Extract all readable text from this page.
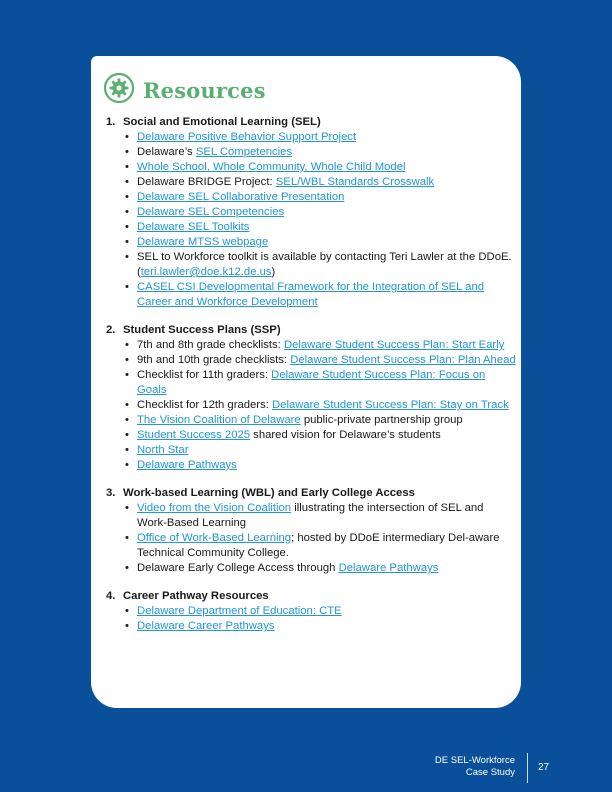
Resources
1. Social and Emotional Learning (SEL)
• Delaware Positive Behavior Support Project
• Delaware’s SEL Competencies
• Whole School, Whole Community, Whole Child Model
• Delaware BRIDGE Project: SEL/WBL Standards Crosswalk
• Delaware SEL Collaborative Presentation
• Delaware SEL Competencies
• Delaware SEL Toolkits
• Delaware MTSS webpage
• SEL to Workforce toolkit is available by contacting Teri Lawler at the DDoE. (teri.lawler@doe.k12.de.us)
• CASEL CSI Developmental Framework for the Integration of SEL and Career and Workforce Development
2. Student Success Plans (SSP)
• 7th and 8th grade checklists: Delaware Student Success Plan: Start Early
• 9th and 10th grade checklists: Delaware Student Success Plan: Plan Ahead
• Checklist for 11th graders: Delaware Student Success Plan: Focus on Goals
• Checklist for 12th graders: Delaware Student Success Plan: Stay on Track
• The Vision Coalition of Delaware public-private partnership group
• Student Success 2025 shared vision for Delaware’s students
• North Star
• Delaware Pathways
3. Work-based Learning (WBL) and Early College Access
• Video from the Vision Coalition illustrating the intersection of SEL and Work-Based Learning
• Office of Work-Based Learning; hosted by DDoE intermediary Del-aware Technical Community College.
• Delaware Early College Access through Delaware Pathways
4. Career Pathway Resources
• Delaware Department of Education: CTE
• Delaware Career Pathways
DE SEL-Workforce
Case Study 27
